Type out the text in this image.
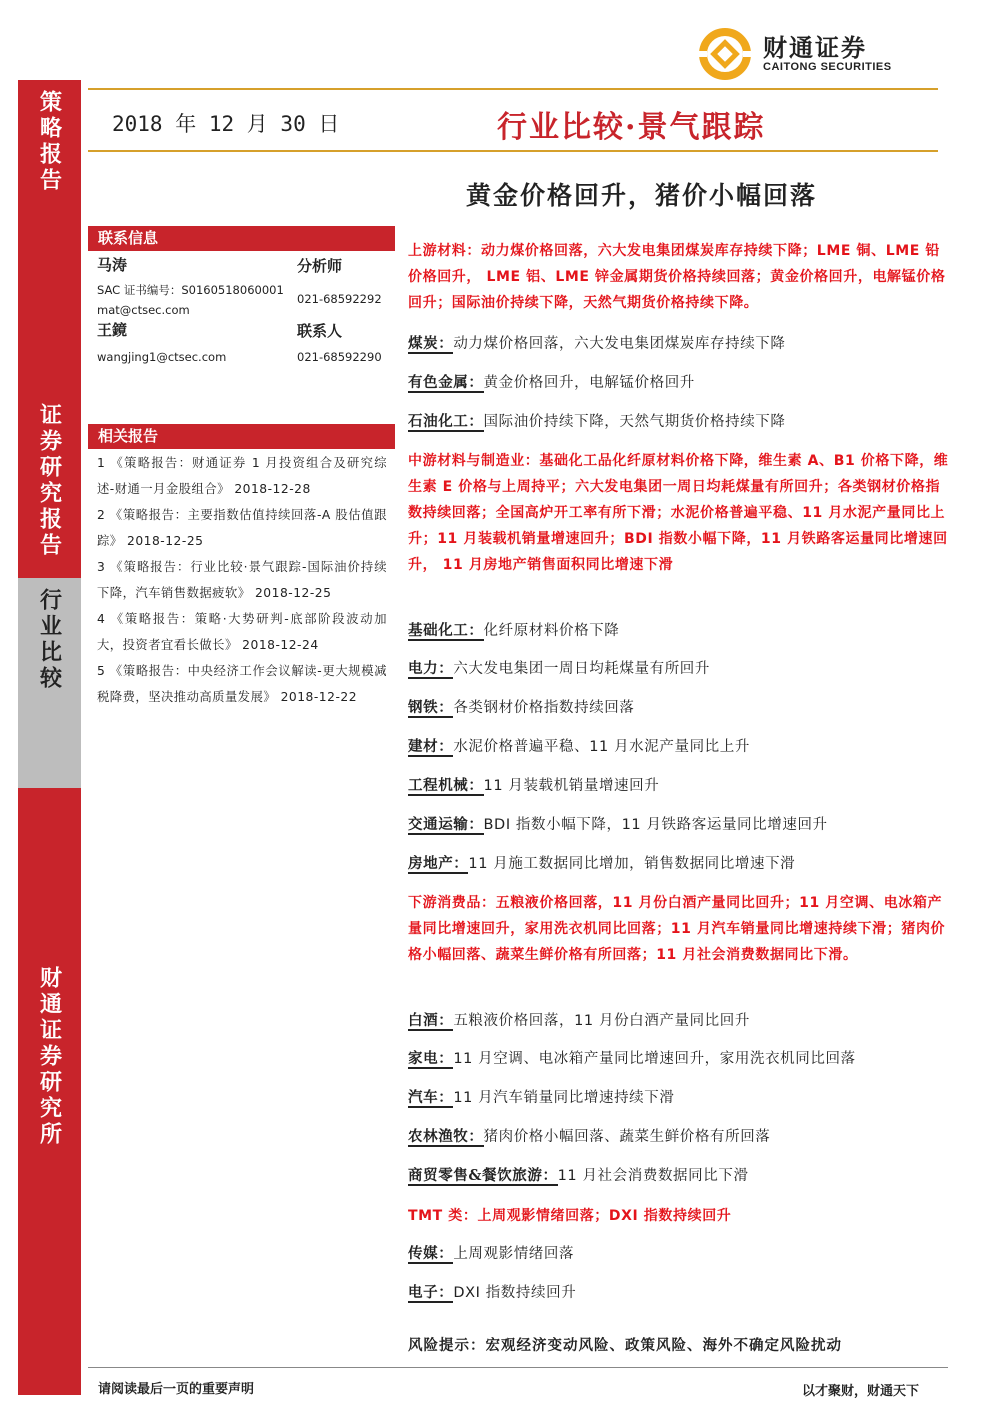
策略报告
证券研究报告
行业比较
财通证券研究所
财通证券
CAITONG SECURITIES
2018 年 12 月 30 日	行业比较·景气跟踪
黄金价格回升，猪价小幅回落
联系信息
马涛	分析师
SAC 证书编号：S0160518060001
021-68592292
mat@ctsec.com
王鏡	联系人
wangjing1@ctsec.com	021-68592290
相关报告
1 《策略报告：财通证券 1 月投资组合及研究综述-财通一月金股组合》 2018-12-28
2 《策略报告：主要指数估值持续回落-A 股估值跟踪》 2018-12-25
3 《策略报告：行业比较·景气跟踪-国际油价持续下降，汽车销售数据疲软》 2018-12-25
4 《策略报告：策略·大势研判-底部阶段波动加大，投资者宜看长做长》 2018-12-24
5 《策略报告：中央经济工作会议解读-更大规模减税降费，坚决推动高质量发展》 2018-12-22
上游材料：动力煤价格回落，六大发电集团煤炭库存持续下降；LME 铜、LME 铅价格回升， LME 铝、LME 锌金属期货价格持续回落；黄金价格回升，电解锰价格回升；国际油价持续下降，天然气期货价格持续下降。
煤炭：动力煤价格回落，六大发电集团煤炭库存持续下降
有色金属：黄金价格回升，电解锰价格回升
石油化工：国际油价持续下降，天然气期货价格持续下降
中游材料与制造业：基础化工品化纤原材料价格下降，维生素 A、B1 价格下降，维生素 E 价格与上周持平；六大发电集团一周日均耗煤量有所回升；各类钢材价格指数持续回落；全国高炉开工率有所下滑；水泥价格普遍平稳、11 月水泥产量同比上升；11 月装载机销量增速回升；BDI 指数小幅下降，11 月铁路客运量同比增速回升， 11 月房地产销售面积同比增速下滑
基础化工：化纤原材料价格下降
电力：六大发电集团一周日均耗煤量有所回升
钢铁：各类钢材价格指数持续回落
建材：水泥价格普遍平稳、11 月水泥产量同比上升
工程机械：11 月装载机销量增速回升
交通运输：BDI 指数小幅下降，11 月铁路客运量同比增速回升
房地产：11 月施工数据同比增加，销售数据同比增速下滑
下游消费品：五粮液价格回落，11 月份白酒产量同比回升；11 月空调、电冰箱产量同比增速回升，家用洗衣机同比回落；11 月汽车销量同比增速持续下滑；猪肉价格小幅回落、蔬菜生鲜价格有所回落；11 月社会消费数据同比下滑。
白酒：五粮液价格回落，11 月份白酒产量同比回升
家电：11 月空调、电冰箱产量同比增速回升，家用洗衣机同比回落
汽车：11 月汽车销量同比增速持续下滑
农林渔牧：猪肉价格小幅回落、蔬菜生鲜价格有所回落
商贸零售&餐饮旅游：11 月社会消费数据同比下滑
TMT 类：上周观影情绪回落；DXI 指数持续回升
传媒：上周观影情绪回落
电子：DXI 指数持续回升
风险提示：宏观经济变动风险、政策风险、海外不确定风险扰动
请阅读最后一页的重要声明	以才聚财，财通天下
